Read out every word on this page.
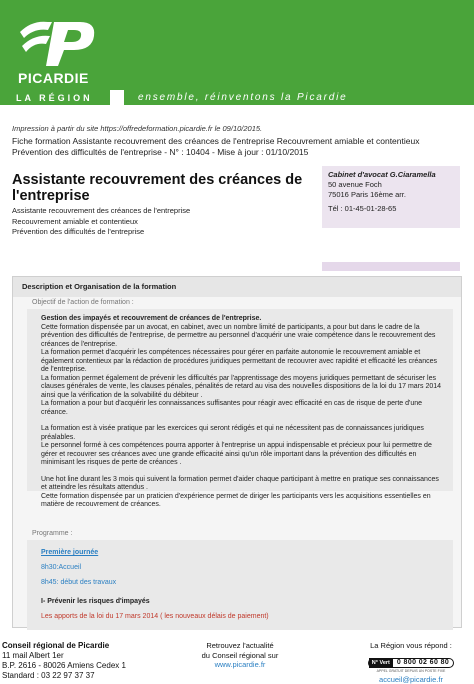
PICARDIE
LA RÉGION	ensemble, réinventons la Picardie
Impression à partir du site https://offredeformation.picardie.fr le 09/10/2015.
Fiche formation Assistante recouvrement des créances de l'entreprise Recouvrement amiable et contentieux Prévention des difficultés de l'entreprise - N° : 10404 - Mise à jour : 01/10/2015
Assistante recouvrement des créances de l'entreprise
Assistante recouvrement des créances de l'entreprise
Recouvrement amiable et contentieux
Prévention des difficultés de l'entreprise
Cabinet d'avocat G.Ciaramella
50 avenue Foch
75016 Paris 16ème arr.
Tél : 01-45-01-28-65
Description et Organisation de la formation
Objectif de l'action de formation :
Gestion des impayés et recouvrement de créances de l'entreprise.
Cette formation dispensée par un avocat, en cabinet, avec un nombre limité de participants, a pour but dans le cadre de la prévention des difficultés de l'entreprise, de permettre au personnel d'acquérir une vraie compétence dans le recouvrement des créances de l'entreprise.
La formation permet d'acquérir les compétences nécessaires pour gérer en parfaite autonomie le recouvrement amiable et également contentieux par la rédaction de procédures juridiques permettant de recouvrer avec rapidité et efficacité les créances de l'entreprise.
La formation permet également de prévenir les difficultés par l'apprentissage des moyens juridiques permettant de sécuriser les clauses générales de vente, les clauses pénales, pénalités de retard au visa des nouvelles dispositions de la loi du 17 mars 2014 ainsi que la vérification de la solvabilité du débiteur .
La formation a pour but d'acquérir les connaissances suffisantes pour réagir avec efficacité en cas de risque de perte d'une créance.
La formation est à visée pratique par les exercices qui seront rédigés et qui ne nécessitent pas de connaissances juridiques préalables.
Le personnel formé à ces compétences pourra apporter à l'entreprise un appui indispensable et précieux pour lui permettre de gérer et recouvrer ses créances avec une grande efficacité ainsi qu'un rôle important dans la prévention des difficultés en minimisant les risques de perte de créances .
Une hot line durant les 3 mois qui suivent la formation permet d'aider chaque participant à mettre en pratique ses connaissances et atteindre les résultats attendus .
Cette formation dispensée par un praticien d'expérience permet de diriger les participants vers les acquisitions essentielles en matière de recouvrement de créances.
Programme :
Première journée
8h30:Accueil
8h45: début des travaux
I- Prévenir les risques d'impayés
Les apports de la loi du 17 mars 2014 ( les nouveaux délais de paiement)
Conseil régional de Picardie
11 mail Albert 1er
B.P. 2616 - 80026 Amiens Cedex 1
Standard : 03 22 97 37 37
Retrouvez l'actualité
du Conseil régional sur
www.picardie.fr
La Région vous répond :
N° Vert	0 800 02 60 80
APPEL GRATUIT DEPUIS UN POSTE FIXE
accueil@picardie.fr
